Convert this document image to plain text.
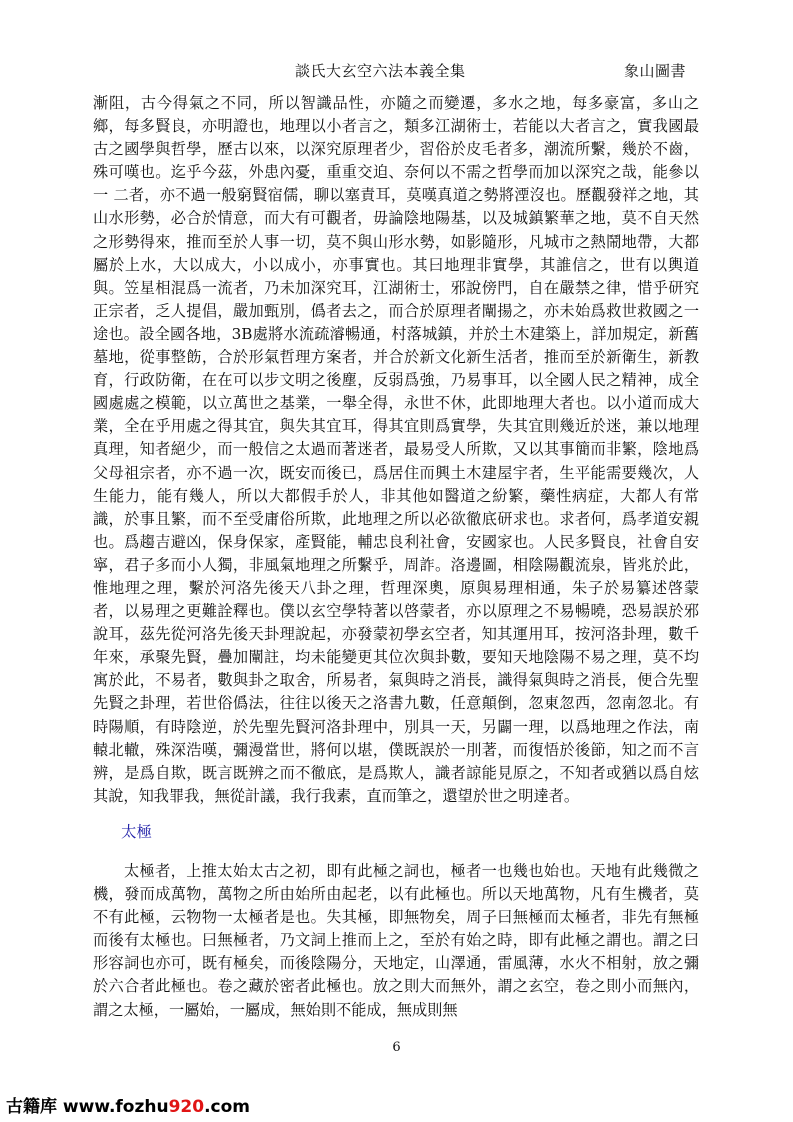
談氏大玄空六法本義全集	象山圖書

漸阻，古今得氣之不同，所以智識品性，亦隨之而變遷，多水之地，每多豪富，多山之鄉，每多賢良，亦明證也，地理以小者言之，類多江湖術士，若能以大者言之，實我國最古之國學與哲學，歷古以來，以深究原理者少，習俗於皮毛者多，潮流所繫，幾於不齒，殊可嘆也。迄乎今茲，外患內憂，重重交迫、奈何以不需之哲學而加以深究之哉，能參以一 二者，亦不過一般窮賢宿儒，聊以塞責耳，莫嘆真道之勢將湮沒也。歷觀發祥之地，其山水形勢，必合於情意，而大有可觀者，毋論陰地陽基，以及城鎮繁華之地，莫不自天然之形勢得來，推而至於人事一切，莫不與山形水勢，如影隨形，凡城市之熱鬧地帶，大都屬於上水，大以成大，小以成小，亦事實也。其曰地理非實學，其誰信之，世有以輿道與。笠星相混爲一流者，乃未加深究耳，江湖術士，邪說傍門，自在嚴禁之律，惜乎研究正宗者，乏人提倡，嚴加甄別，僞者去之，而合於原理者闡揚之，亦未始爲救世救國之一途也。設全國各地，3B處將水流疏濬暢通，村落城鎮，并於土木建築上，詳加規定，新舊墓地，從事整飭，合於形氣哲理方案者，并合於新文化新生活者，推而至於新衛生，新教育，行政防衛，在在可以步文明之後塵，反弱爲強，乃易事耳，以全國人民之精神，成全國處處之模範，以立萬世之基業，一舉全得，永世不休，此即地理大者也。以小道而成大業，全在乎用處之得其宜，與失其宜耳，得其宜則爲實學，失其宜則幾近於迷，兼以地理真理，知者絕少，而一般信之太過而著迷者，最易受人所欺，又以其事簡而非繁，陰地爲父母祖宗者，亦不過一次，既安而後已，爲居住而興土木建屋宇者，生平能需要幾次，人生能力，能有幾人，所以大都假手於人，非其他如醫道之紛繁，藥性病症，大都人有常識，於事且繁，而不至受庸俗所欺，此地理之所以必欲徹底研求也。求者何，爲孝道安親也。爲趨吉避凶，保身保家，產賢能，輔忠良利社會，安國家也。人民多賢良，社會自安寧，君子多而小人獨，非風氣地理之所繫乎，周詐。洛邊圖，相陰陽觀流泉，皆兆於此，惟地理之理，繫於河洛先後天八卦之理，哲理深奧，原與易理相通，朱子於易纂述啓蒙者，以易理之更難詮釋也。僕以玄空學特著以啓蒙者，亦以原理之不易暢曉，恐易誤於邪說耳，茲先從河洛先後天卦理說起，亦發蒙初學玄空者，知其運用耳，按河洛卦理，數千年來，承聚先賢，疊加闡註，均未能變更其位次與卦數，要知天地陰陽不易之理，莫不均寓於此，不易者，數與卦之取舍，所易者，氣與時之消長，識得氣與時之消長，便合先聖先賢之卦理，若世俗僞法，往往以後天之洛書九數，任意顛倒，忽東忽西，忽南忽北。有時陽順，有時陰逆，於先聖先賢河洛卦理中，別具一天，另闢一理，以爲地理之作法，南轅北轍，殊深浩嘆，彌漫當世，將何以堪，僕既誤於一刖著，而復悟於後節，知之而不言辨，是爲自欺，既言既辨之而不徹底，是爲欺人，識者諒能見原之，不知者或猶以爲自炫其說，知我罪我，無從計議，我行我素，直而筆之，還望於世之明達者。

太極

太極者，上推太始太古之初，即有此極之詞也，極者一也幾也始也。天地有此幾微之機，發而成萬物，萬物之所由始所由起老，以有此極也。所以天地萬物，凡有生機者，莫不有此極，云物物一太極者是也。失其極，即無物矣，周子曰無極而太極者，非先有無極而後有太極也。曰無極者，乃文詞上推而上之，至於有始之時，即有此極之謂也。謂之曰形容詞也亦可，既有極矣，而後陰陽分，天地定，山澤通，雷風薄，水火不相射，放之彌於六合者此極也。卷之藏於密者此極也。放之則大而無外，謂之玄空，卷之則小而無內，謂之太極，一屬始，一屬成，無始則不能成，無成則無

6
古籍库 www.fozhu920.com
